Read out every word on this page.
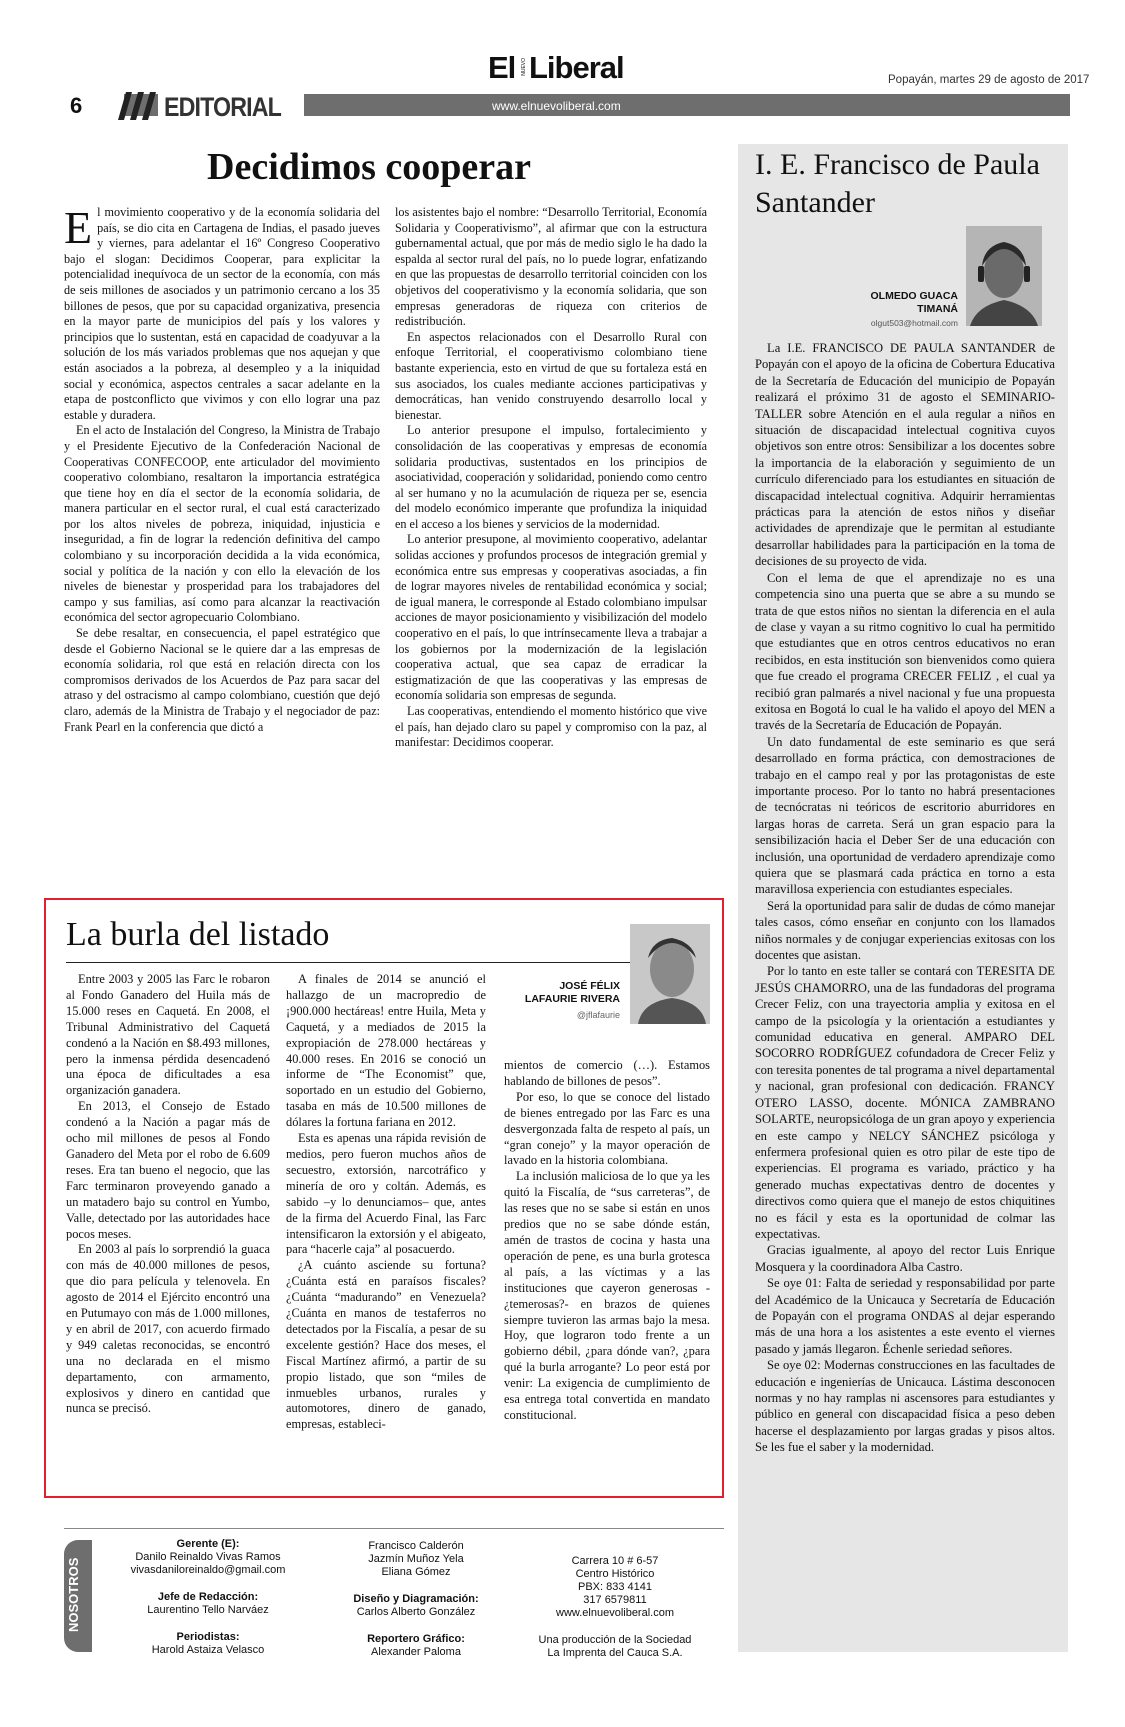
El NUEVO Liberal	Popayán, martes 29 de agosto de 2017
6	EDITORIAL	www.elnuevoliberal.com
Decidimos cooperar
E l movimiento cooperativo y de la economía solidaria del país, se dio cita en Cartagena de Indias, el pasado jueves y viernes, para adelantar el 16º Congreso Cooperativo bajo el slogan: Decidimos Cooperar, para explicitar la potencialidad inequívoca de un sector de la economía, con más de seis millones de asociados y un patrimonio cercano a los 35 billones de pesos, que por su capacidad organizativa, presencia en la mayor parte de municipios del país y los valores y principios que lo sustentan, está en capacidad de coadyuvar a la solución de los más variados problemas que nos aquejan y que están asociados a la pobreza, al desempleo y a la iniquidad social y económica, aspectos centrales a sacar adelante en la etapa de postconflicto que vivimos y con ello lograr una paz estable y duradera.

En el acto de Instalación del Congreso, la Ministra de Trabajo y el Presidente Ejecutivo de la Confederación Nacional de Cooperativas CONFECOOP, ente articulador del movimiento cooperativo colombiano, resaltaron la importancia estratégica que tiene hoy en día el sector de la economía solidaria, de manera particular en el sector rural, el cual está caracterizado por los altos niveles de pobreza, iniquidad, injusticia e inseguridad, a fin de lograr la redención definitiva del campo colombiano y su incorporación decidida a la vida económica, social y política de la nación y con ello la elevación de los niveles de bienestar y prosperidad para los trabajadores del campo y sus familias, así como para alcanzar la reactivación económica del sector agropecuario Colombiano.

Se debe resaltar, en consecuencia, el papel estratégico que desde el Gobierno Nacional se le quiere dar a las empresas de economía solidaria, rol que está en relación directa con los compromisos derivados de los Acuerdos de Paz para sacar del atraso y del ostracismo al campo colombiano, cuestión que dejó claro, además de la Ministra de Trabajo y el negociador de paz: Frank Pearl en la conferencia que dictó a

los asistentes bajo el nombre: “Desarrollo Territorial, Economía Solidaria y Cooperativismo”, al afirmar que con la estructura gubernamental actual, que por más de medio siglo le ha dado la espalda al sector rural del país, no lo puede lograr, enfatizando en que las propuestas de desarrollo territorial coinciden con los objetivos del cooperativismo y la economía solidaria, que son empresas generadoras de riqueza con criterios de redistribución.

En aspectos relacionados con el Desarrollo Rural con enfoque Territorial, el cooperativismo colombiano tiene bastante experiencia, esto en virtud de que su fortaleza está en sus asociados, los cuales mediante acciones participativas y democráticas, han venido construyendo desarrollo local y bienestar.

Lo anterior presupone el impulso, fortalecimiento y consolidación de las cooperativas y empresas de economía solidaria productivas, sustentados en los principios de asociatividad, cooperación y solidaridad, poniendo como centro al ser humano y no la acumulación de riqueza per se, esencia del modelo económico imperante que profundiza la iniquidad en el acceso a los bienes y servicios de la modernidad.

Lo anterior presupone, al movimiento cooperativo, adelantar solidas acciones y profundos procesos de integración gremial y económica entre sus empresas y cooperativas asociadas, a fin de lograr mayores niveles de rentabilidad económica y social; de igual manera, le corresponde al Estado colombiano impulsar acciones de mayor posicionamiento y visibilización del modelo cooperativo en el país, lo que intrínsecamente lleva a trabajar a los gobiernos por la modernización de la legislación cooperativa actual, que sea capaz de erradicar la estigmatización de que las cooperativas y las empresas de economía solidaria son empresas de segunda.

Las cooperativas, entendiendo el momento histórico que vive el país, han dejado claro su papel y compromiso con la paz, al manifestar: Decidimos cooperar.

La burla del listado
JOSÉ FÉLIX LAFAURIE RIVERA
@jflafaurie

Entre 2003 y 2005 las Farc le robaron al Fondo Ganadero del Huila más de 15.000 reses en Caquetá. En 2008, el Tribunal Administrativo del Caquetá condenó a la Nación en $8.493 millones, pero la inmensa pérdida desencadenó una época de dificultades a esa organización ganadera.

En 2013, el Consejo de Estado condenó a la Nación a pagar más de ocho mil millones de pesos al Fondo Ganadero del Meta por el robo de 6.609 reses. Era tan bueno el negocio, que las Farc terminaron proveyendo ganado a un matadero bajo su control en Yumbo, Valle, detectado por las autoridades hace pocos meses.

En 2003 al país lo sorprendió la guaca con más de 40.000 millones de pesos, que dio para película y telenovela. En agosto de 2014 el Ejército encontró una en Putumayo con más de 1.000 millones, y en abril de 2017, con acuerdo firmado y 949 caletas reconocidas, se encontró una no declarada en el mismo departamento, con armamento, explosivos y dinero en cantidad que nunca se precisó.

A finales de 2014 se anunció el hallazgo de un macropredio de ¡900.000 hectáreas! entre Huila, Meta y Caquetá, y a mediados de 2015 la expropiación de 278.000 hectáreas y 40.000 reses. En 2016 se conoció un informe de “The Economist” que, soportado en un estudio del Gobierno, tasaba en más de 10.500 millones de dólares la fortuna fariana en 2012.

Esta es apenas una rápida revisión de medios, pero fueron muchos años de secuestro, extorsión, narcotráfico y minería de oro y coltán. Además, es sabido –y lo denunciamos– que, antes de la firma del Acuerdo Final, las Farc intensificaron la extorsión y el abigeato, para “hacerle caja” al posacuerdo.

¿A cuánto asciende su fortuna? ¿Cuánta está en paraísos fiscales? ¿Cuánta “madurando” en Venezuela? ¿Cuánta en manos de testaferros no detectados por la Fiscalía, a pesar de su excelente gestión? Hace dos meses, el Fiscal Martínez afirmó, a partir de su propio listado, que son “miles de inmuebles urbanos, rurales y automotores, dinero de ganado, empresas, estableci-

mientos de comercio (…). Estamos hablando de billones de pesos”.

Por eso, lo que se conoce del listado de bienes entregado por las Farc es una desvergonzada falta de respeto al país, un “gran conejo” y la mayor operación de lavado en la historia colombiana.

La inclusión maliciosa de lo que ya les quitó la Fiscalía, de “sus carreteras”, de las reses que no se sabe si están en unos predios que no se sabe dónde están, amén de trastos de cocina y hasta una operación de pene, es una burla grotesca al país, a las víctimas y a las instituciones que cayeron generosas -¿temerosas?- en brazos de quienes siempre tuvieron las armas bajo la mesa. Hoy, que lograron todo frente a un gobierno débil, ¿para dónde van?, ¿para qué la burla arrogante? Lo peor está por venir: La exigencia de cumplimiento de esa entrega total convertida en mandato constitucional.

I. E. Francisco de Paula Santander
OLMEDO GUACA TIMANÁ
olgut503@hotmail.com

La I.E. FRANCISCO DE PAULA SANTANDER de Popayán con el apoyo de la oficina de Cobertura Educativa de la Secretaría de Educación del municipio de Popayán realizará el próximo 31 de agosto el SEMINARIO-TALLER sobre Atención en el aula regular a niños en situación de discapacidad intelectual cognitiva cuyos objetivos son entre otros: Sensibilizar a los docentes sobre la importancia de la elaboración y seguimiento de un currículo diferenciado para los estudiantes en situación de discapacidad intelectual cognitiva. Adquirir herramientas prácticas para la atención de estos niños y diseñar actividades de aprendizaje que le permitan al estudiante desarrollar habilidades para la participación en la toma de decisiones de su proyecto de vida.

Con el lema de que el aprendizaje no es una competencia sino una puerta que se abre a su mundo se trata de que estos niños no sientan la diferencia en el aula de clase y vayan a su ritmo cognitivo lo cual ha permitido que estudiantes que en otros centros educativos no eran recibidos, en esta institución son bienvenidos como quiera que fue creado el programa CRECER FELIZ , el cual ya recibió gran palmarés a nivel nacional y fue una propuesta exitosa en Bogotá lo cual le ha valido el apoyo del MEN a través de la Secretaría de Educación de Popayán.

Un dato fundamental de este seminario es que será desarrollado en forma práctica, con demostraciones de trabajo en el campo real y por las protagonistas de este importante proceso. Por lo tanto no habrá presentaciones de tecnócratas ni teóricos de escritorio aburridores en largas horas de carreta. Será un gran espacio para la sensibilización hacia el Deber Ser de una educación con inclusión, una oportunidad de verdadero aprendizaje como quiera que se plasmará cada práctica en torno a esta maravillosa experiencia con estudiantes especiales.

Será la oportunidad para salir de dudas de cómo manejar tales casos, cómo enseñar en conjunto con los llamados niños normales y de conjugar experiencias exitosas con los docentes que asistan.

Por lo tanto en este taller se contará con TERESITA DE JESÚS CHAMORRO, una de las fundadoras del programa Crecer Feliz, con una trayectoria amplia y exitosa en el campo de la psicología y la orientación a estudiantes y comunidad educativa en general. AMPARO DEL SOCORRO RODRÍGUEZ cofundadora de Crecer Feliz y con teresita ponentes de tal programa a nivel departamental y nacional, gran profesional con dedicación. FRANCY OTERO LASSO, docente. MÓNICA ZAMBRANO SOLARTE, neuropsicóloga de un gran apoyo y experiencia en este campo y NELCY SÁNCHEZ psicóloga y enfermera profesional quien es otro pilar de este tipo de experiencias. El programa es variado, práctico y ha generado muchas expectativas dentro de docentes y directivos como quiera que el manejo de estos chiquitines no es fácil y esta es la oportunidad de colmar las expectativas.

Gracias igualmente, al apoyo del rector Luis Enrique Mosquera y la coordinadora Alba Castro.

Se oye 01: Falta de seriedad y responsabilidad por parte del Académico de la Unicauca y Secretaría de Educación de Popayán con el programa ONDAS al dejar esperando más de una hora a los asistentes a este evento el viernes pasado y jamás llegaron. Échenle seriedad señores.

Se oye 02: Modernas construcciones en las facultades de educación e ingenierías de Unicauca. Lástima desconocen normas y no hay ramplas ni ascensores para estudiantes y público en general con discapacidad física a peso deben hacerse el desplazamiento por largas gradas y pisos altos. Se les fue el saber y la modernidad.

NOSOTROS
Gerente (E):
Danilo Reinaldo Vivas Ramos
vivasdaniloreinaldo@gmail.com
Jefe de Redacción:
Laurentino Tello Narváez
Periodistas:
Harold Astaiza Velasco
Francisco Calderón
Jazmín Muñoz Yela
Eliana Gómez
Diseño y Diagramación:
Carlos Alberto González
Reportero Gráfico:
Alexander Paloma
Carrera 10 # 6-57
Centro Histórico
PBX: 833 4141
317 6579811
www.elnuevoliberal.com
Una producción de la Sociedad
La Imprenta del Cauca S.A.
